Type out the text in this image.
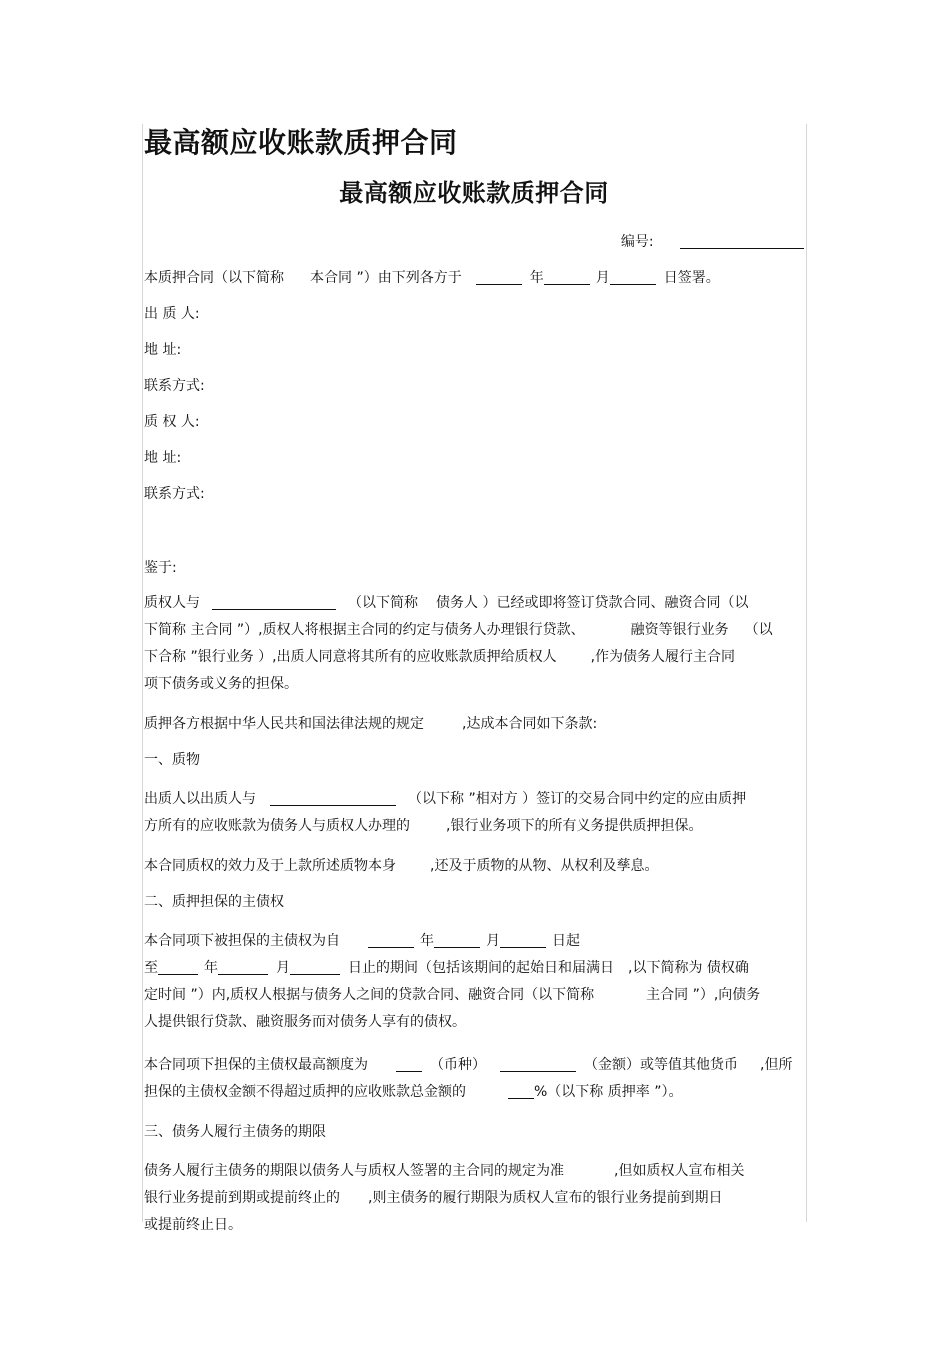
最高额应收账款质押合同
最高额应收账款质押合同
编号:
本质押合同（以下简称 本合同 ”）由下列各方于	年	月	日签署。
出 质 人:
地 址:
联系方式:
质 权 人:
地 址:
联系方式:
鉴于:
质权人与	（以下简称 债务人 ）已经或即将签订贷款合同、融资合同（以
下简称 主合同 ”）,质权人将根据主合同的约定与债务人办理银行贷款、	融资等银行业务 （以
下合称 ”银行业务 ）,出质人同意将其所有的应收账款质押给质权人 ,作为债务人履行主合同
项下债务或义务的担保。
质押各方根据中华人民共和国法律法规的规定	,达成本合同如下条款:
一、质物
出质人以出质人与	（以下称 ”相对方 ）签订的交易合同中约定的应由质押
方所有的应收账款为债务人与质权人办理的	,银行业务项下的所有义务提供质押担保。
本合同质权的效力及于上款所述质物本身 ,还及于质物的从物、从权利及孳息。
二、质押担保的主债权
本合同项下被担保的主债权为自	年	月	日起
至	年	月	日止的期间（包括该期间的起始日和届满日 ,以下简称为 债权确
定时间 ”）内,质权人根据与债务人之间的贷款合同、融资合同（以下简称	主合同 ”）,向债务
人提供银行贷款、融资服务而对债务人享有的债权。
本合同项下担保的主债权最高额度为	（币种）	（金额）或等值其他货币 ,但所
担保的主债权金额不得超过质押的应收账款总金额的	%（以下称 质押率 ”）。
三、债务人履行主债务的期限
债务人履行主债务的期限以债务人与质权人签署的主合同的规定为准	,但如质权人宣布相关
银行业务提前到期或提前终止的 ,则主债务的履行期限为质权人宣布的银行业务提前到期日
或提前终止日。
